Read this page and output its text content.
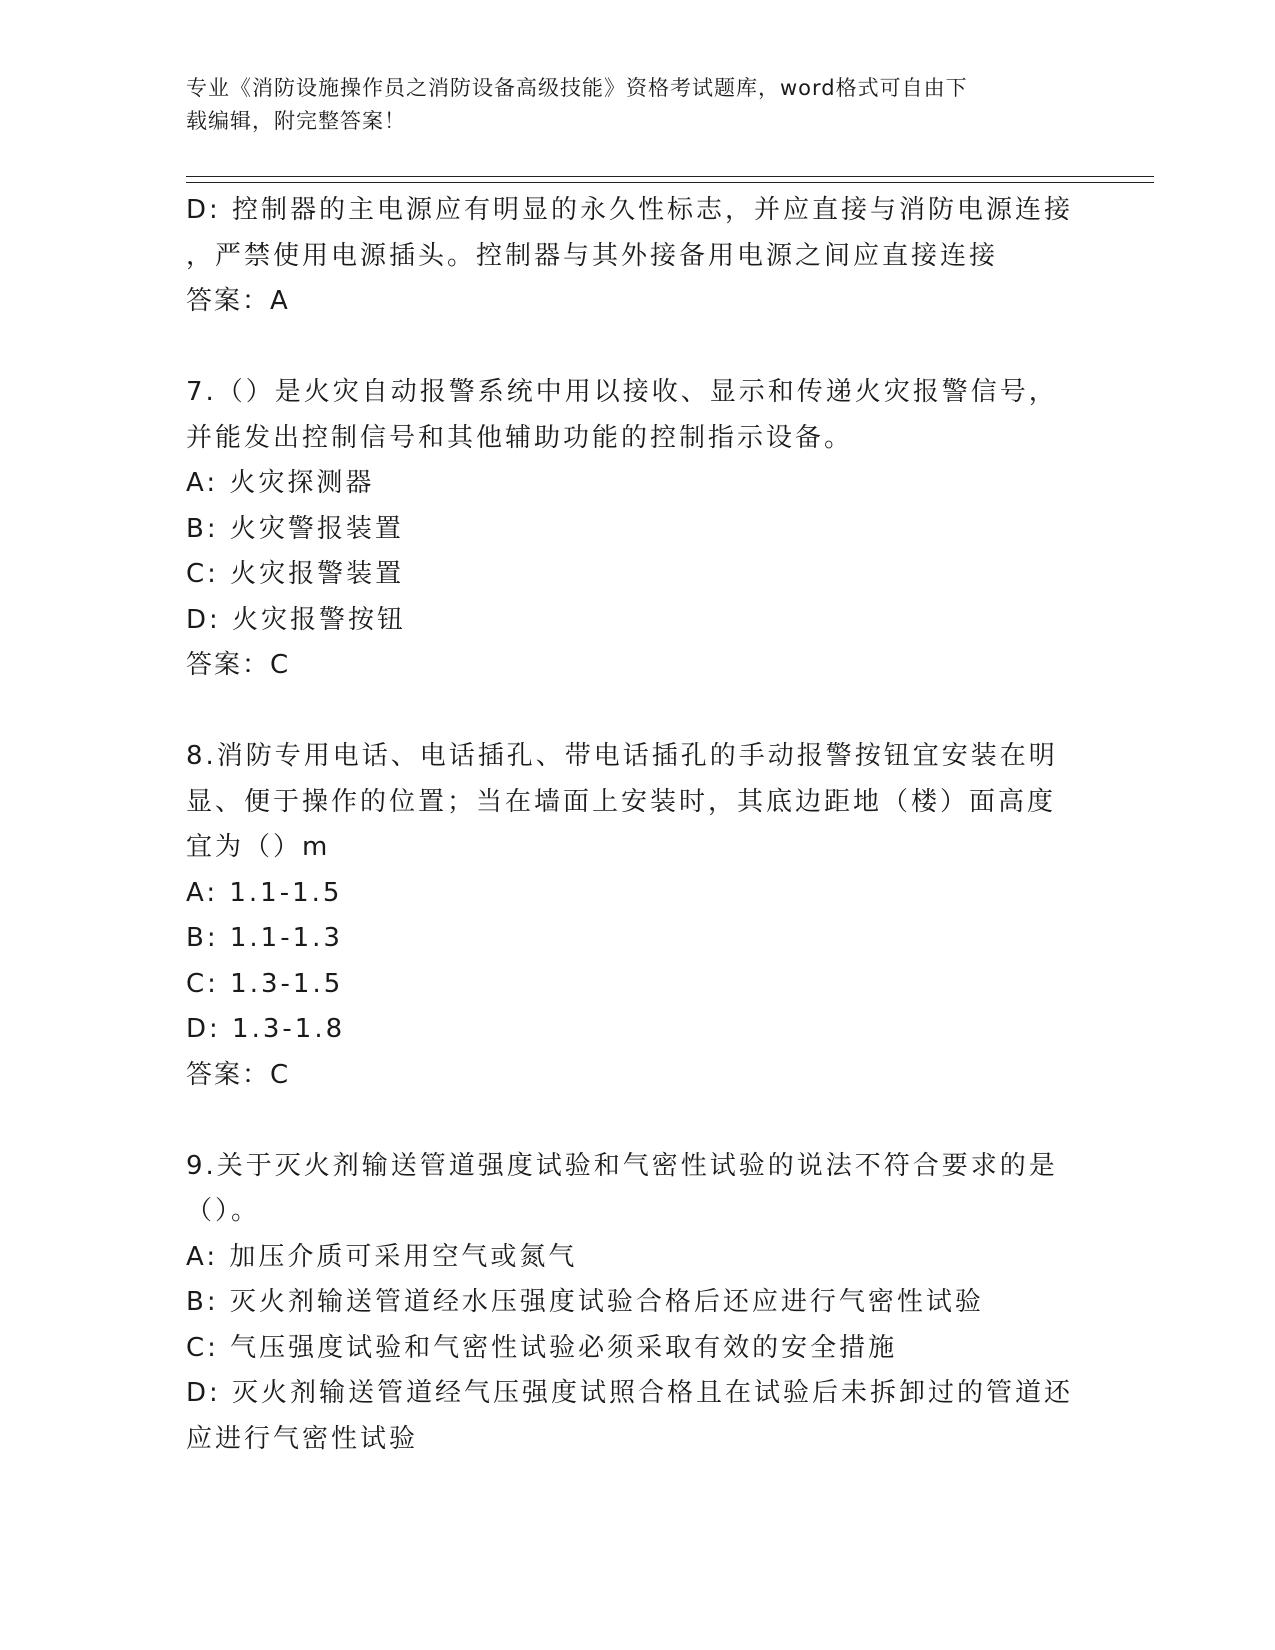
专业《消防设施操作员之消防设备高级技能》资格考试题库，word格式可自由下
载编辑，附完整答案！
D: 控制器的主电源应有明显的永久性标志，并应直接与消防电源连接
，严禁使用电源插头。控制器与其外接备用电源之间应直接连接
答案：A
7.（）是火灾自动报警系统中用以接收、显示和传递火灾报警信号，
并能发出控制信号和其他辅助功能的控制指示设备。
A: 火灾探测器
B: 火灾警报装置
C: 火灾报警装置
D: 火灾报警按钮
答案：C
8.消防专用电话、电话插孔、带电话插孔的手动报警按钮宜安装在明
显、便于操作的位置；当在墙面上安装时，其底边距地（楼）面高度
宜为（）m
A: 1.1-1.5
B: 1.1-1.3
C: 1.3-1.5
D: 1.3-1.8
答案：C
9.关于灭火剂输送管道强度试验和气密性试验的说法不符合要求的是
（）。
A: 加压介质可采用空气或氮气
B: 灭火剂输送管道经水压强度试验合格后还应进行气密性试验
C: 气压强度试验和气密性试验必须采取有效的安全措施
D: 灭火剂输送管道经气压强度试照合格且在试验后未拆卸过的管道还
应进行气密性试验
